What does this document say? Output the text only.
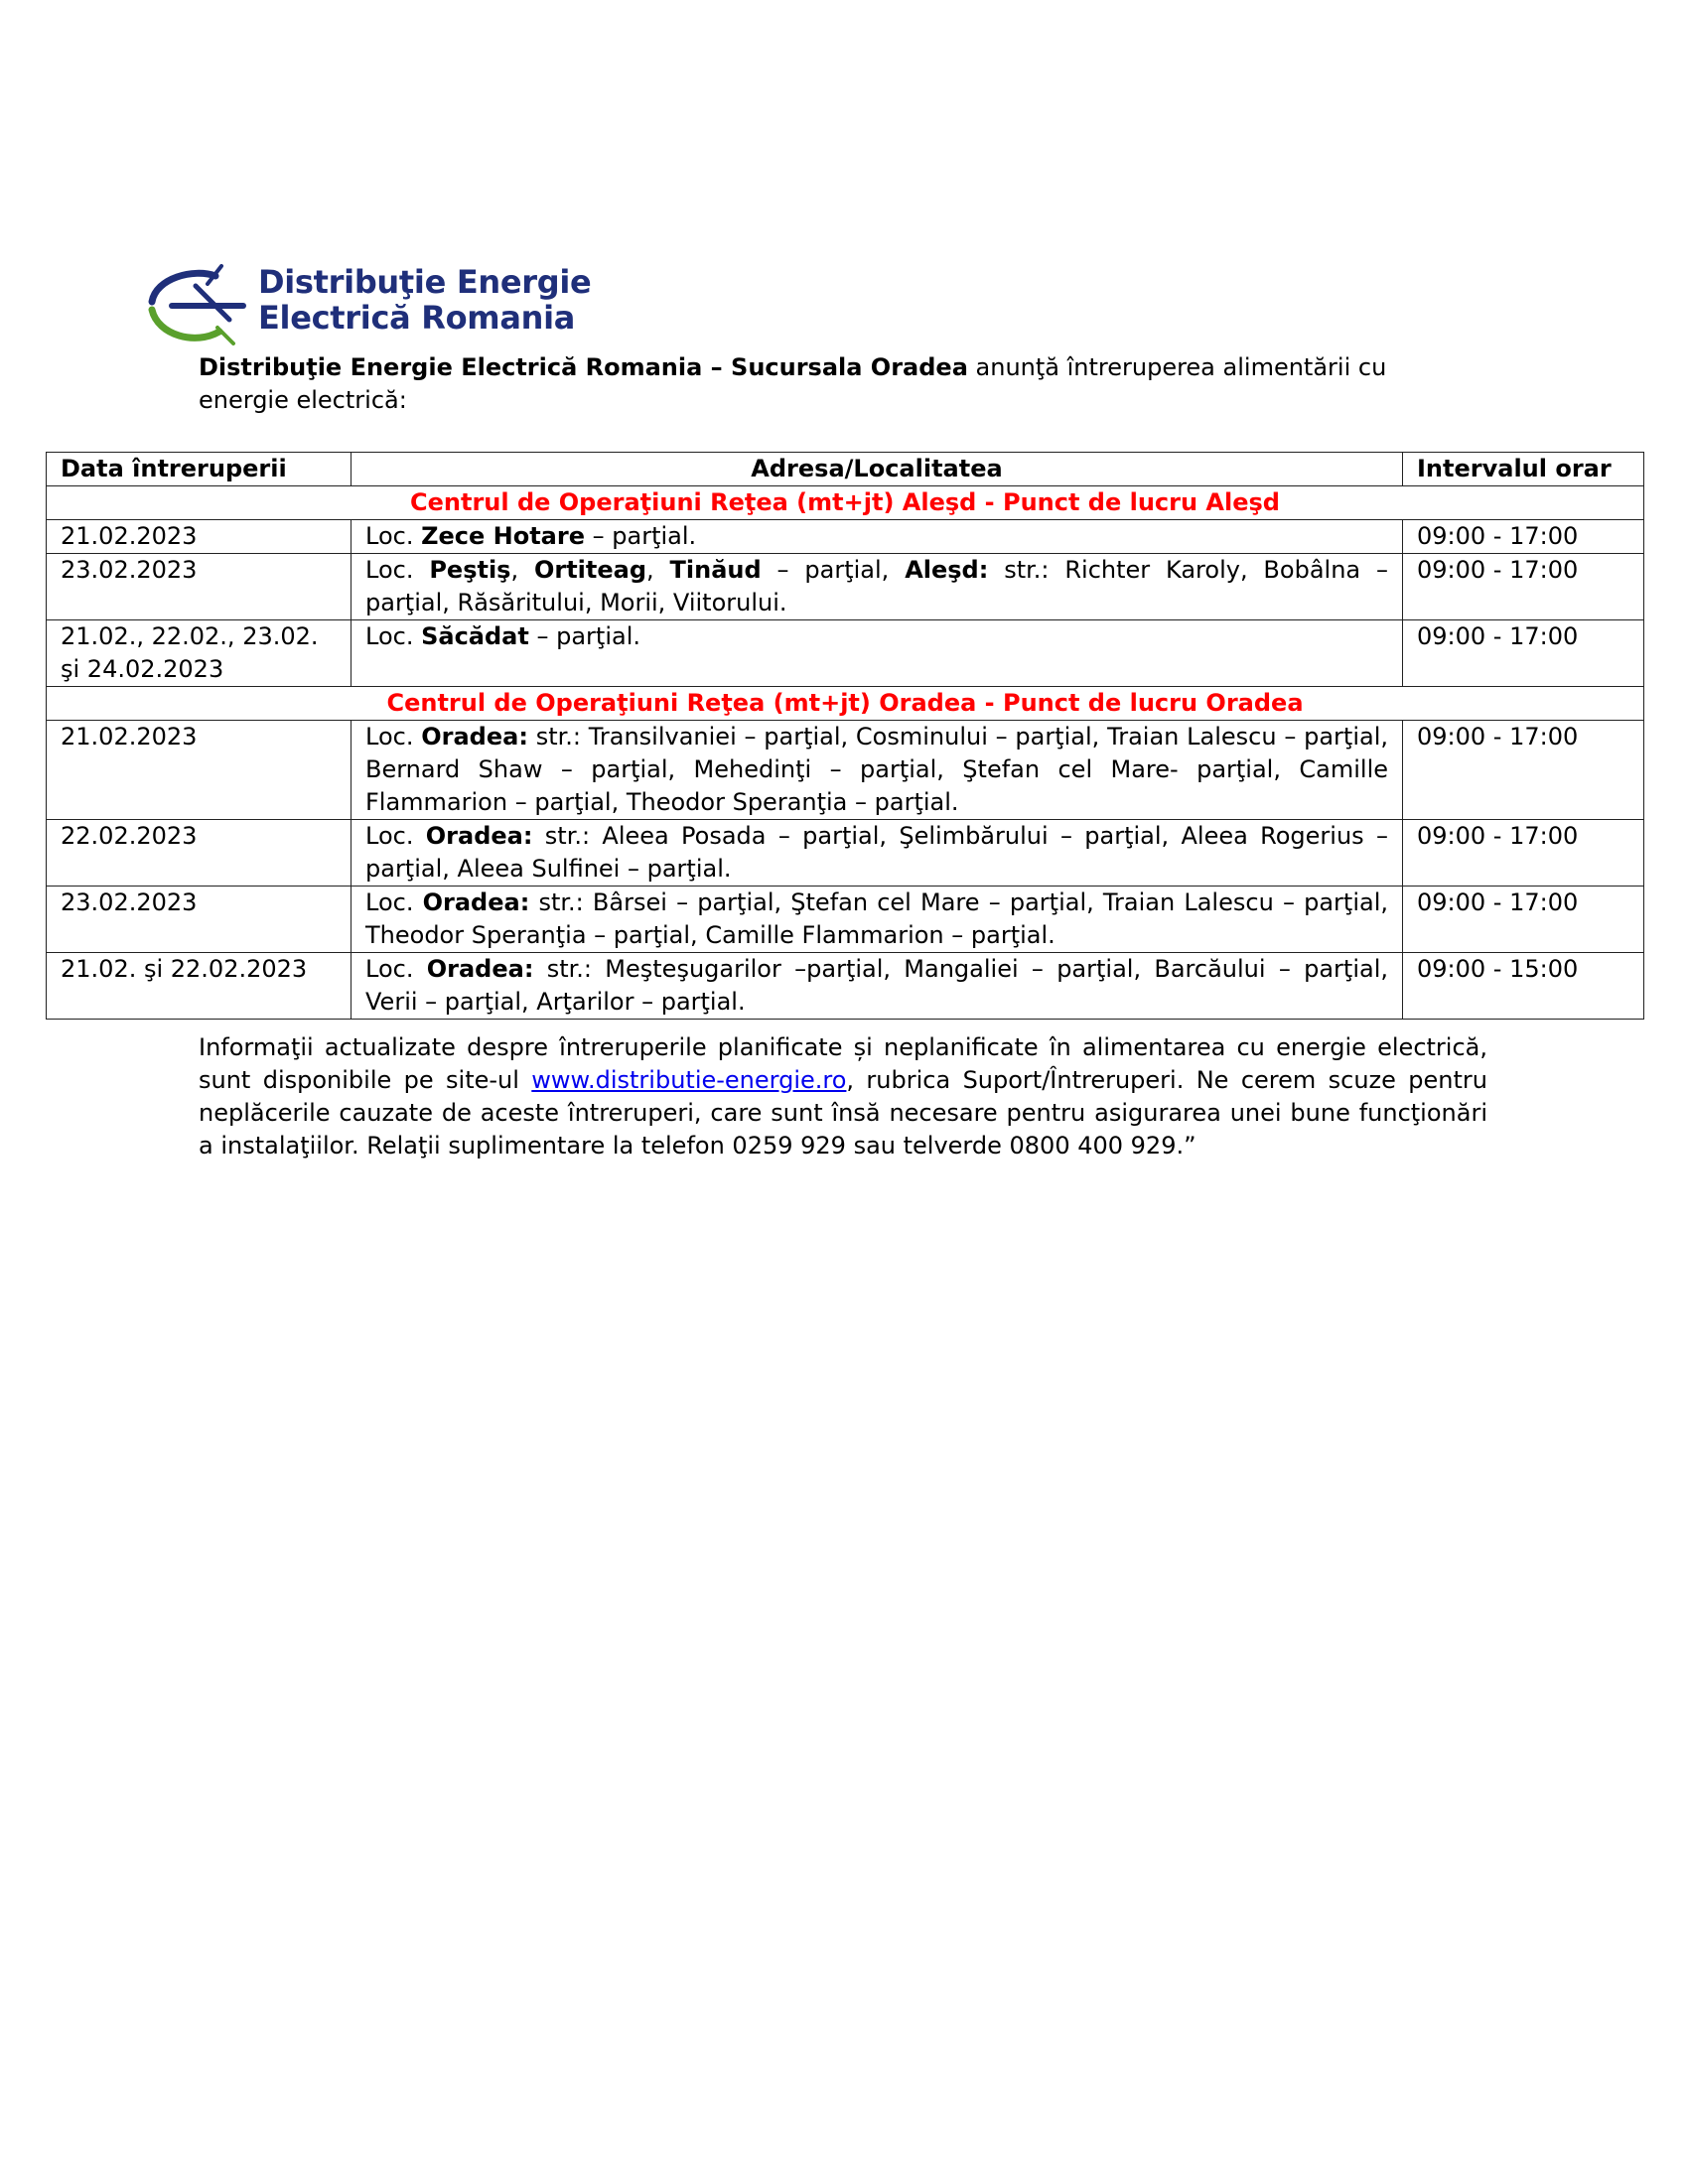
Distribuţie Energie
Electrică Romania
Distribuţie Energie Electrică Romania – Sucursala Oradea anunţă întreruperea alimentării cu energie electrică:
Data întreruperii	Adresa/Localitatea	Intervalul orar
Centrul de Operaţiuni Reţea (mt+jt) Aleşd - Punct de lucru Aleşd		
21.02.2023	Loc. Zece Hotare – parţial.	09:00 - 17:00
23.02.2023	Loc. Peştiş, Ortiteag, Tinăud – parţial, Aleşd: str.: Richter Karoly, Bobâlna – parţial, Răsăritului, Morii, Viitorului.	09:00 - 17:00
21.02., 22.02., 23.02. şi 24.02.2023	Loc. Săcădat – parţial.	09:00 - 17:00
Centrul de Operaţiuni Reţea (mt+jt) Oradea - Punct de lucru Oradea		
21.02.2023	Loc. Oradea: str.: Transilvaniei – parţial, Cosminului – parţial, Traian Lalescu – parţial, Bernard Shaw – parţial, Mehedinţi – parţial, Ştefan cel Mare- parţial, Camille Flammarion – parţial, Theodor Speranţia – parţial.	09:00 - 17:00
22.02.2023	Loc. Oradea: str.: Aleea Posada – parţial, Şelimbărului – parţial, Aleea Rogerius – parţial, Aleea Sulfinei – parţial.	09:00 - 17:00
23.02.2023	Loc. Oradea: str.: Bârsei – parţial, Ştefan cel Mare – parţial, Traian Lalescu – parţial, Theodor Speranţia – parţial, Camille Flammarion – parţial.	09:00 - 17:00
21.02. şi 22.02.2023	Loc. Oradea: str.: Meşteşugarilor –parţial, Mangaliei – parţial, Barcăului – parţial, Verii – parţial, Arţarilor – parţial.	09:00 - 15:00
Informaţii actualizate despre întreruperile planificate și neplanificate în alimentarea cu energie electrică, sunt disponibile pe site-ul www.distributie-energie.ro, rubrica Suport/Întreruperi. Ne cerem scuze pentru neplăcerile cauzate de aceste întreruperi, care sunt însă necesare pentru asigurarea unei bune funcţionări a instalaţiilor. Relaţii suplimentare la telefon 0259 929 sau telverde 0800 400 929.”
